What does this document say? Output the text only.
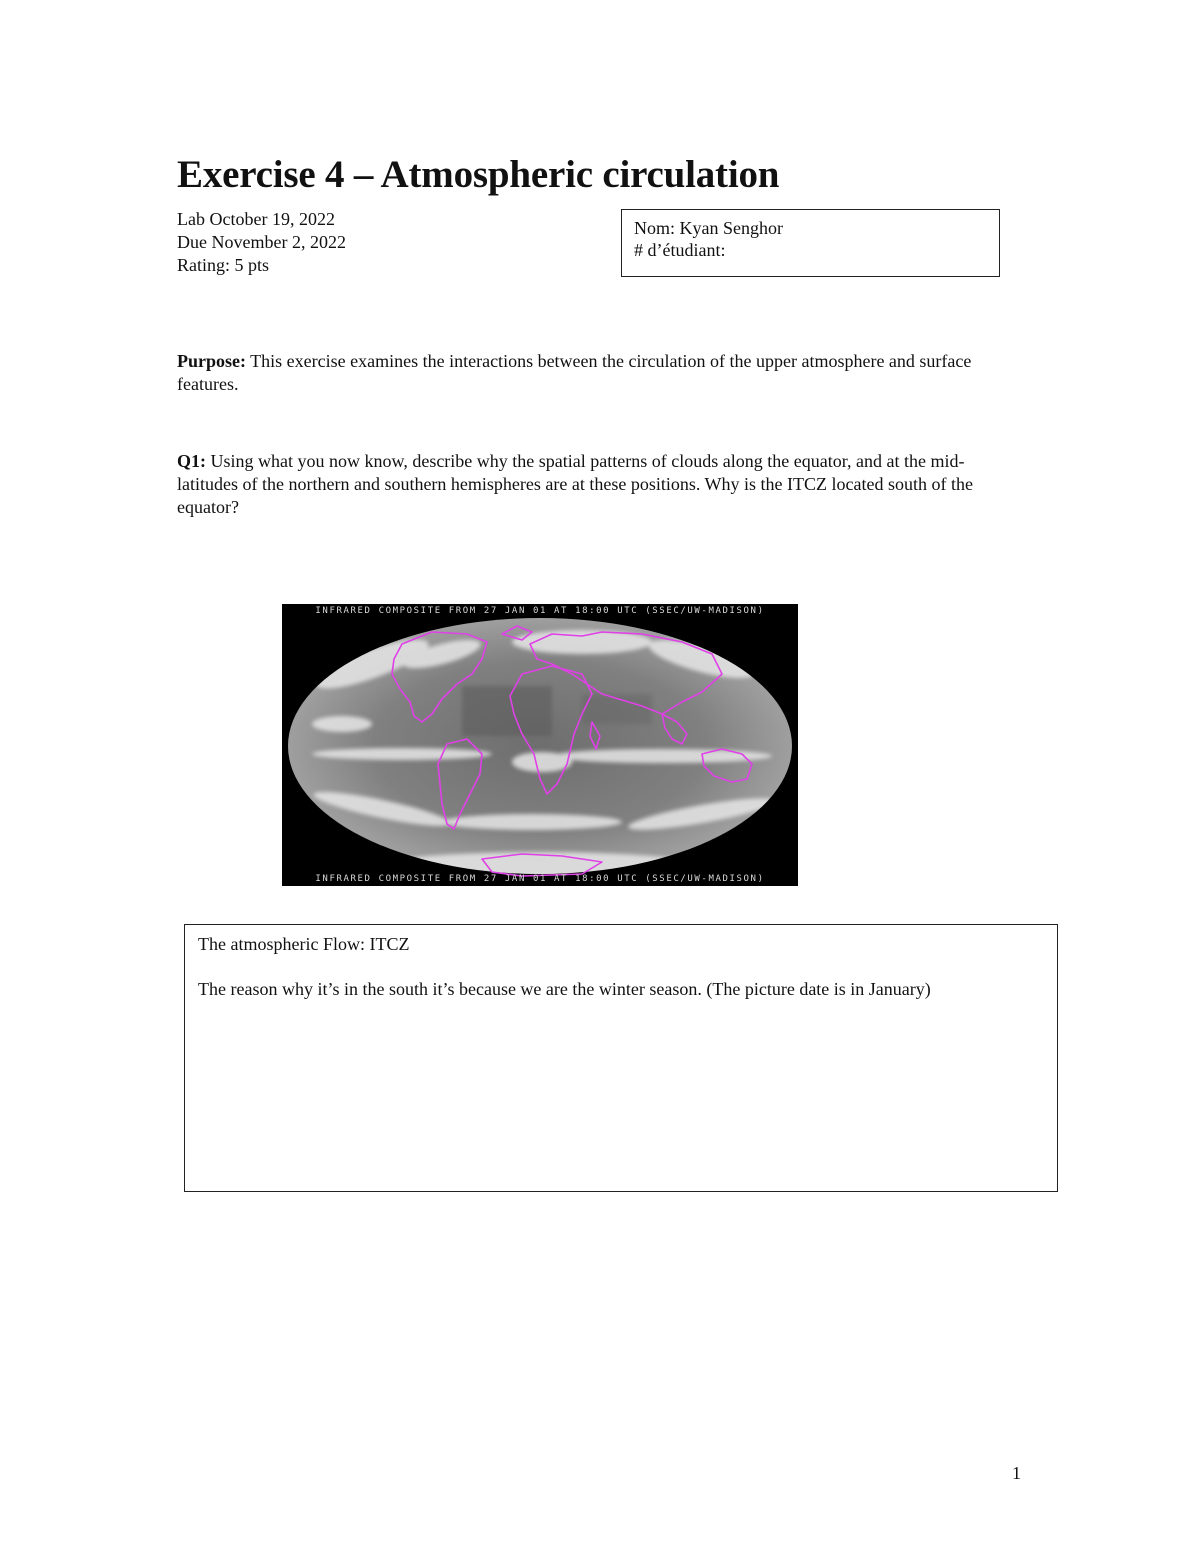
Exercise 4 – Atmospheric circulation
Lab October 19, 2022
Due November 2, 2022
Rating: 5 pts
Nom: Kyan Senghor
# d’étudiant:
Purpose: This exercise examines the interactions between the circulation of the upper atmosphere and surface features.
Q1: Using what you now know, describe why the spatial patterns of clouds along the equator, and at the mid-latitudes of the northern and southern hemispheres are at these positions. Why is the ITCZ located south of the equator?
INFRARED COMPOSITE FROM 27 JAN 01 AT 18:00 UTC (SSEC/UW-MADISON)
INFRARED COMPOSITE FROM 27 JAN 01 AT 18:00 UTC (SSEC/UW-MADISON)
The atmospheric Flow: ITCZ
The reason why it’s in the south it’s because we are the winter season. (The picture date is in January)
1
